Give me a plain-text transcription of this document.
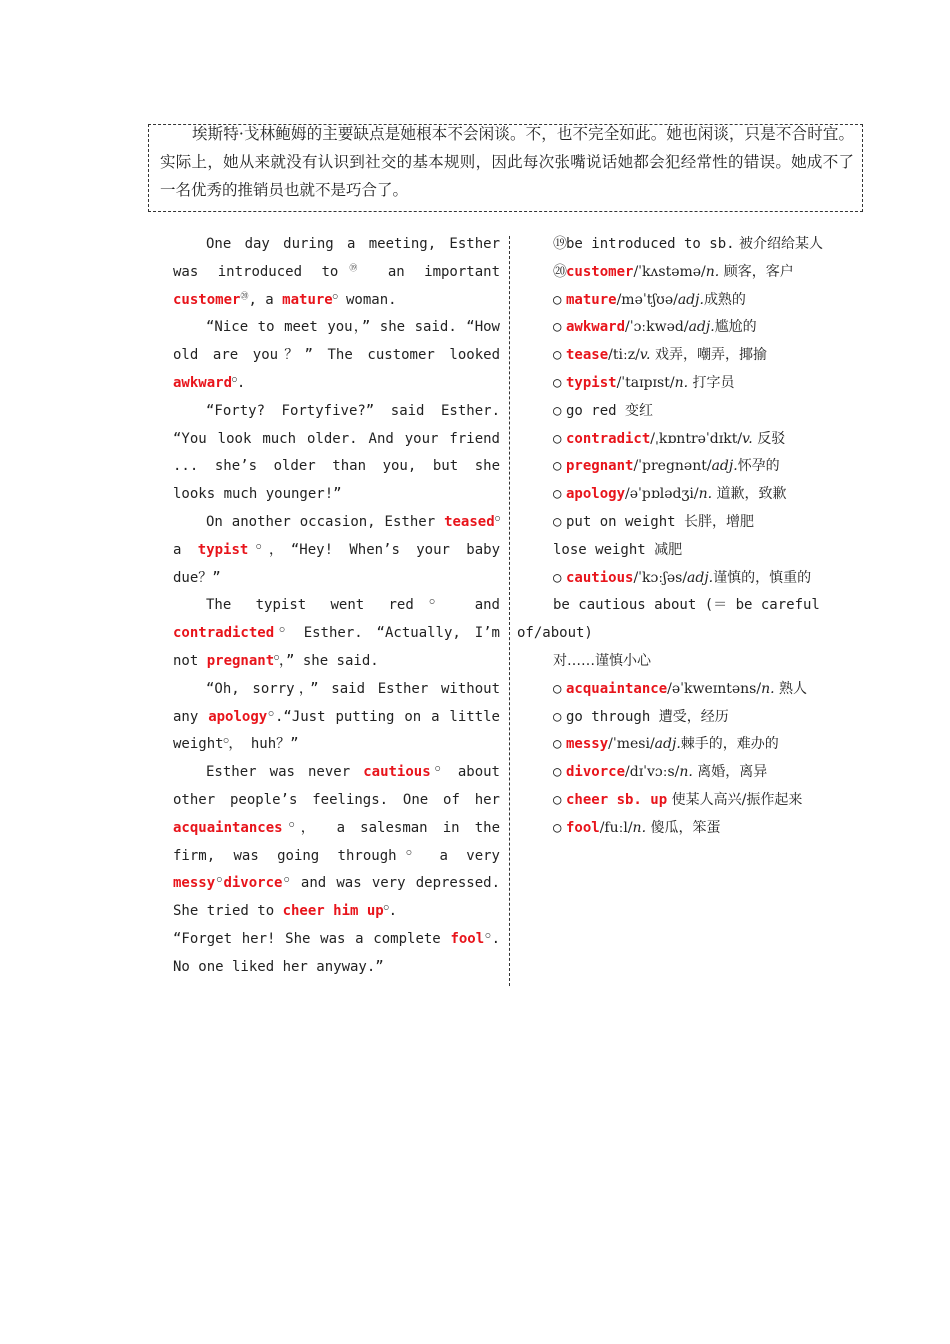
埃斯特·戈林鲍姆的主要缺点是她根本不会闲谈。不，也不完全如此。她也闲谈，只是不合时宜。实际上，她从来就没有认识到社交的基本规则，因此每次张嘴说话她都会犯经常性的错误。她成不了一名优秀的推销员也就不是巧合了。

One day during a meeting, Esther was introduced to⑲ an important customer⑳, a mature○ woman.

“Nice to meet you，” she said. “How old are you？” The customer looked awkward○.

“Forty? Fortyfive?” said Esther. “You look much older. And your friend ... she’s older than you, but she looks much younger!”

On another occasion, Esther teased○ a typist○，“Hey! When’s your baby due？”

The typist went red○ and contradicted○ Esther. “Actually, I’m not pregnant○，” she said.

“Oh, sorry，” said Esther without any apology○.“Just putting on a little weight○， huh？”

Esther was never cautious○ about other people’s feelings. One of her acquaintances○， a salesman in the firm, was going through○ a very messy○divorce○ and was very depressed. She tried to cheer him up○.

“Forget her! She was a complete fool○. No one liked her anyway.”

⑲be introduced to sb. 被介绍给某人

⑳customer/ˈkʌstəmə/n. 顾客，客户

○ mature/məˈtʃʊə/adj.成熟的

○ awkward/ˈɔːkwəd/adj.尴尬的

○ tease/tiːz/v. 戏弄，嘲弄，揶揄

○ typist/ˈtaɪpɪst/n. 打字员

○ go red 变红

○ contradict/ˌkɒntrəˈdɪkt/v. 反驳

○ pregnant/ˈpregnənt/adj.怀孕的

○ apology/əˈpɒlədʒi/n. 道歉，致歉

○ put on weight 长胖，增肥

lose weight 减肥

○ cautious/ˈkɔːʃəs/adj.谨慎的，慎重的

be cautious about (＝ be careful of/about)

对……谨慎小心

○ acquaintance/əˈkweɪntəns/n. 熟人

○ go through 遭受，经历

○ messy/ˈmesi/adj.棘手的，难办的

○ divorce/dɪˈvɔːs/n. 离婚，离异

○ cheer sb. up 使某人高兴/振作起来

○ fool/fuːl/n. 傻瓜，笨蛋
